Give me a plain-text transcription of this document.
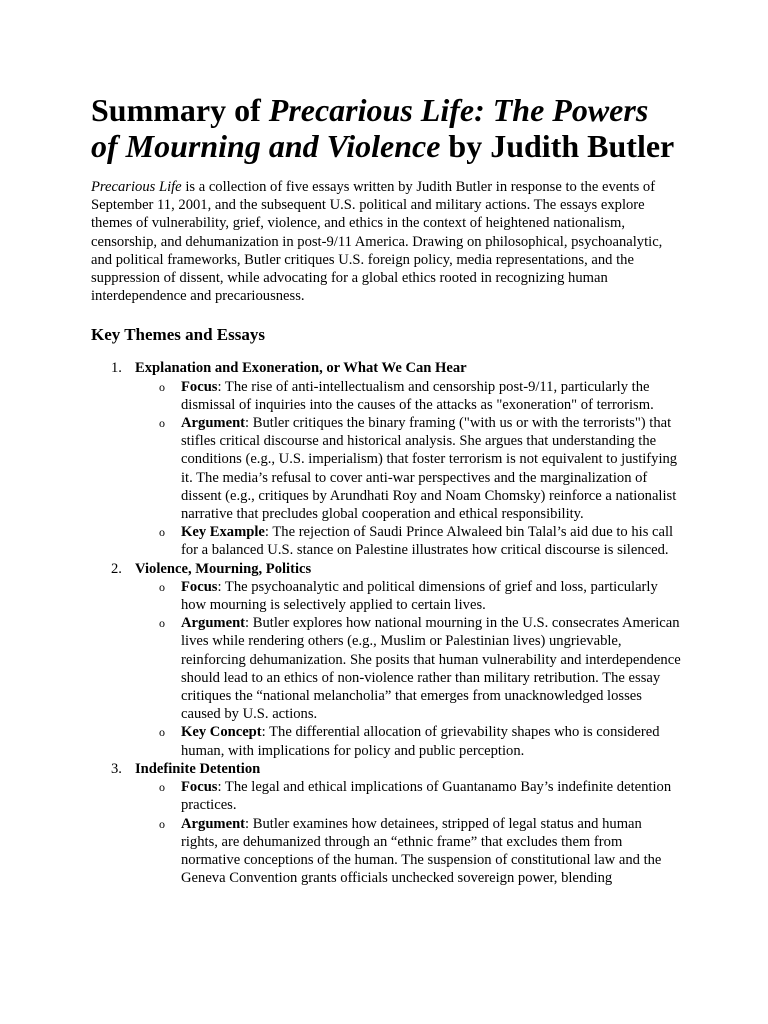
Summary of Precarious Life: The Powers of Mourning and Violence by Judith Butler

Precarious Life is a collection of five essays written by Judith Butler in response to the events of September 11, 2001, and the subsequent U.S. political and military actions. The essays explore themes of vulnerability, grief, violence, and ethics in the context of heightened nationalism, censorship, and dehumanization in post-9/11 America. Drawing on philosophical, psychoanalytic, and political frameworks, Butler critiques U.S. foreign policy, media representations, and the suppression of dissent, while advocating for a global ethics rooted in recognizing human interdependence and precariousness.

Key Themes and Essays
1. Explanation and Exoneration, or What We Can Hear
o Focus: The rise of anti-intellectualism and censorship post-9/11, particularly the dismissal of inquiries into the causes of the attacks as "exoneration" of terrorism.
o Argument: Butler critiques the binary framing ("with us or with the terrorists") that stifles critical discourse and historical analysis. She argues that understanding the conditions (e.g., U.S. imperialism) that foster terrorism is not equivalent to justifying it. The media’s refusal to cover anti-war perspectives and the marginalization of dissent (e.g., critiques by Arundhati Roy and Noam Chomsky) reinforce a nationalist narrative that precludes global cooperation and ethical responsibility.
o Key Example: The rejection of Saudi Prince Alwaleed bin Talal’s aid due to his call for a balanced U.S. stance on Palestine illustrates how critical discourse is silenced.
2. Violence, Mourning, Politics
o Focus: The psychoanalytic and political dimensions of grief and loss, particularly how mourning is selectively applied to certain lives.
o Argument: Butler explores how national mourning in the U.S. consecrates American lives while rendering others (e.g., Muslim or Palestinian lives) ungrievable, reinforcing dehumanization. She posits that human vulnerability and interdependence should lead to an ethics of non-violence rather than military retribution. The essay critiques the “national melancholia” that emerges from unacknowledged losses caused by U.S. actions.
o Key Concept: The differential allocation of grievability shapes who is considered human, with implications for policy and public perception.
3. Indefinite Detention
o Focus: The legal and ethical implications of Guantanamo Bay’s indefinite detention practices.
o Argument: Butler examines how detainees, stripped of legal status and human rights, are dehumanized through an “ethnic frame” that excludes them from normative conceptions of the human. The suspension of constitutional law and the Geneva Convention grants officials unchecked sovereign power, blending
